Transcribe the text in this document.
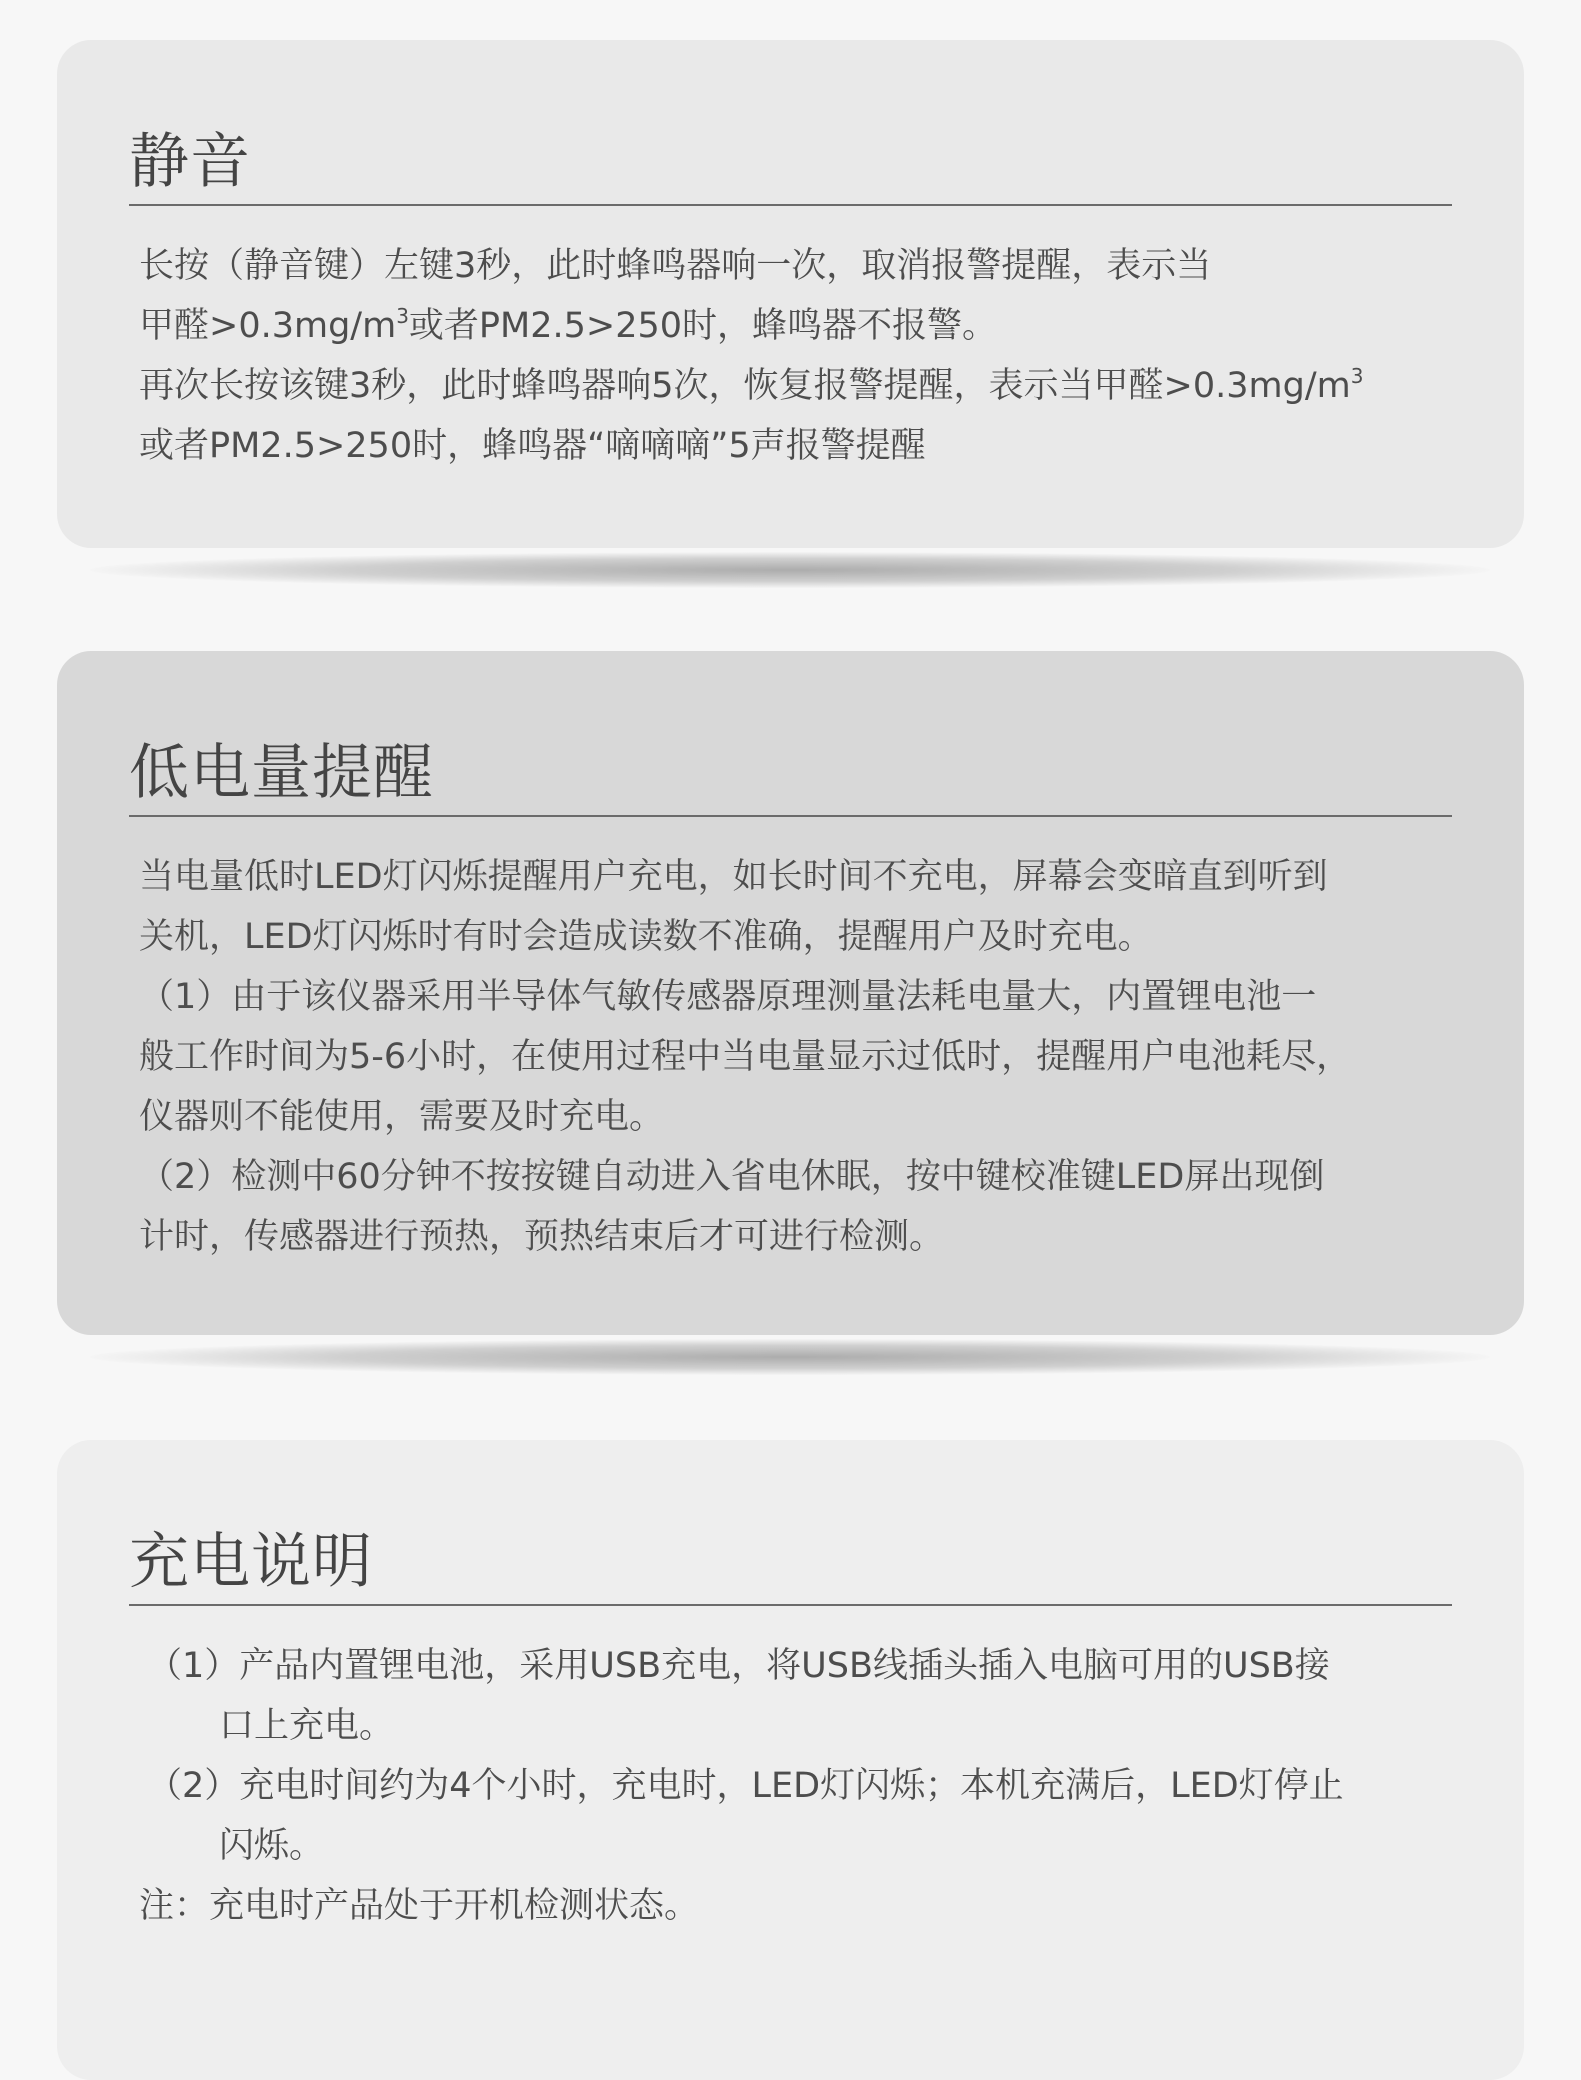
静音

长按（静音键）左键3秒，此时蜂鸣器响一次，取消报警提醒，表示当

甲醛$>0.3mg/m^3$或者PM2.5>250时，蜂鸣器不报警。

再次长按该键3秒，此时蜂鸣器响5次，恢复报警提醒，表示当甲醛$>0.3mg/m^3$

或者PM2.5>250时，蜂鸣器“嘀嘀嘀”5声报警提醒

低电量提醒

当电量低时LED灯闪烁提醒用户充电，如长时间不充电，屏幕会变暗直到听到

关机，LED灯闪烁时有时会造成读数不准确，提醒用户及时充电。

（1）由于该仪器采用半导体气敏传感器原理测量法耗电量大，内置锂电池一

般工作时间为5-6小时，在使用过程中当电量显示过低时，提醒用户电池耗尽，

仪器则不能使用，需要及时充电。

（2）检测中60分钟不按按键自动进入省电休眠，按中键校准键LED屏出现倒

计时，传感器进行预热，预热结束后才可进行检测。

充电说明

（1）产品内置锂电池，采用USB充电，将USB线插头插入电脑可用的USB接
口上充电。

（2）充电时间约为4个小时，充电时，LED灯闪烁；本机充满后，LED灯停止
闪烁。

注：充电时产品处于开机检测状态。
